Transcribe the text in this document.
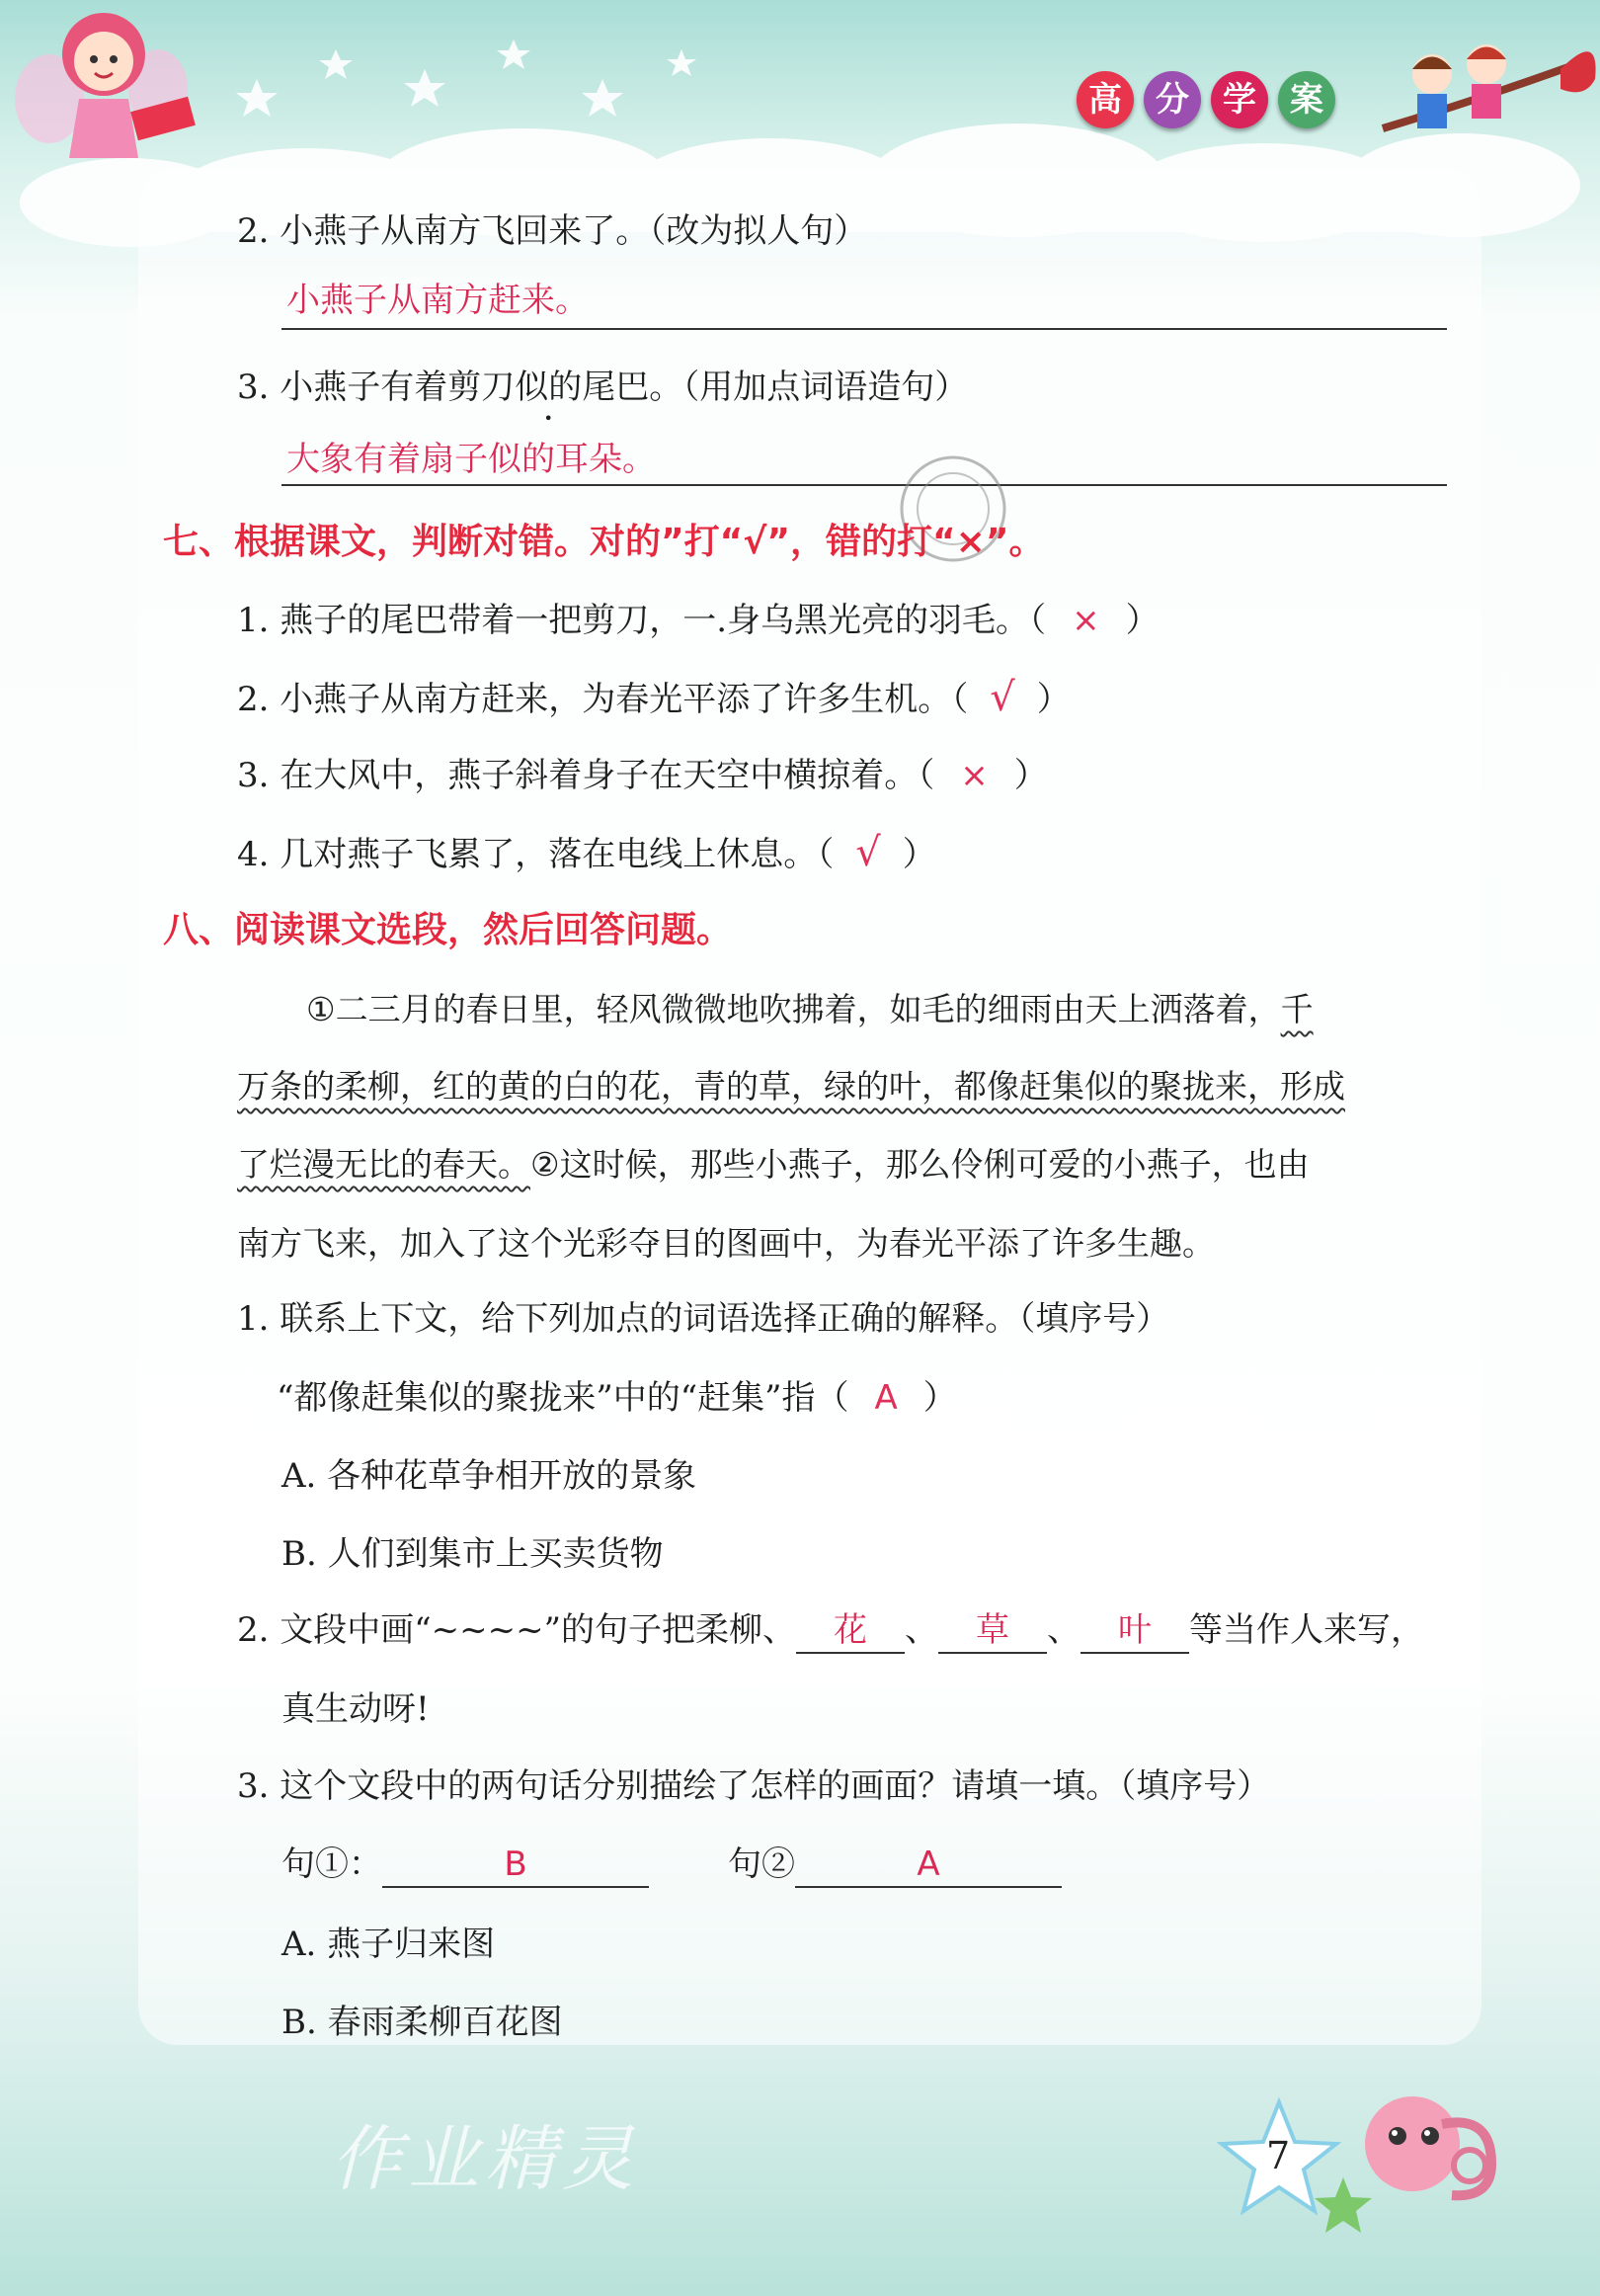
高	分	学	案
2. 小燕子从南方飞回来了。（改为拟人句）
小燕子从南方赶来。
3. 小燕子有着剪刀似的尾巴。（用加点词语造句）
大象有着扇子似的耳朵。
七、根据课文，判断对错。对的”打“√”，错的打“×”。
1. 燕子的尾巴带着一把剪刀，一.身乌黑光亮的羽毛。（ × ）
2. 小燕子从南方赶来，为春光平添了许多生机。（ √ ）
3. 在大风中，燕子斜着身子在天空中横掠着。（ × ）
4. 几对燕子飞累了，落在电线上休息。（ √ ）
八、阅读课文选段，然后回答问题。
①二三月的春日里，轻风微微地吹拂着，如毛的细雨由天上洒落着，千
万条的柔柳，红的黄的白的花，青的草，绿的叶，都像赶集似的聚拢来，形成
了烂漫无比的春天。②这时候，那些小燕子，那么伶俐可爱的小燕子，也由
南方飞来，加入了这个光彩夺目的图画中，为春光平添了许多生趣。
1. 联系上下文，给下列加点的词语选择正确的解释。（填序号）
“都像赶集似的聚拢来”中的“赶集”指（ A ）
A. 各种花草争相开放的景象
B. 人们到集市上买卖货物
2. 文段中画“~~~~”的句子把柔柳、 花 、 草 、 叶 等当作人来写，
真生动呀!
3. 这个文段中的两句话分别描绘了怎样的画面？请填一填。（填序号）
句①：	B	句②	A
A. 燕子归来图
B. 春雨柔柳百花图
作业精灵	7
